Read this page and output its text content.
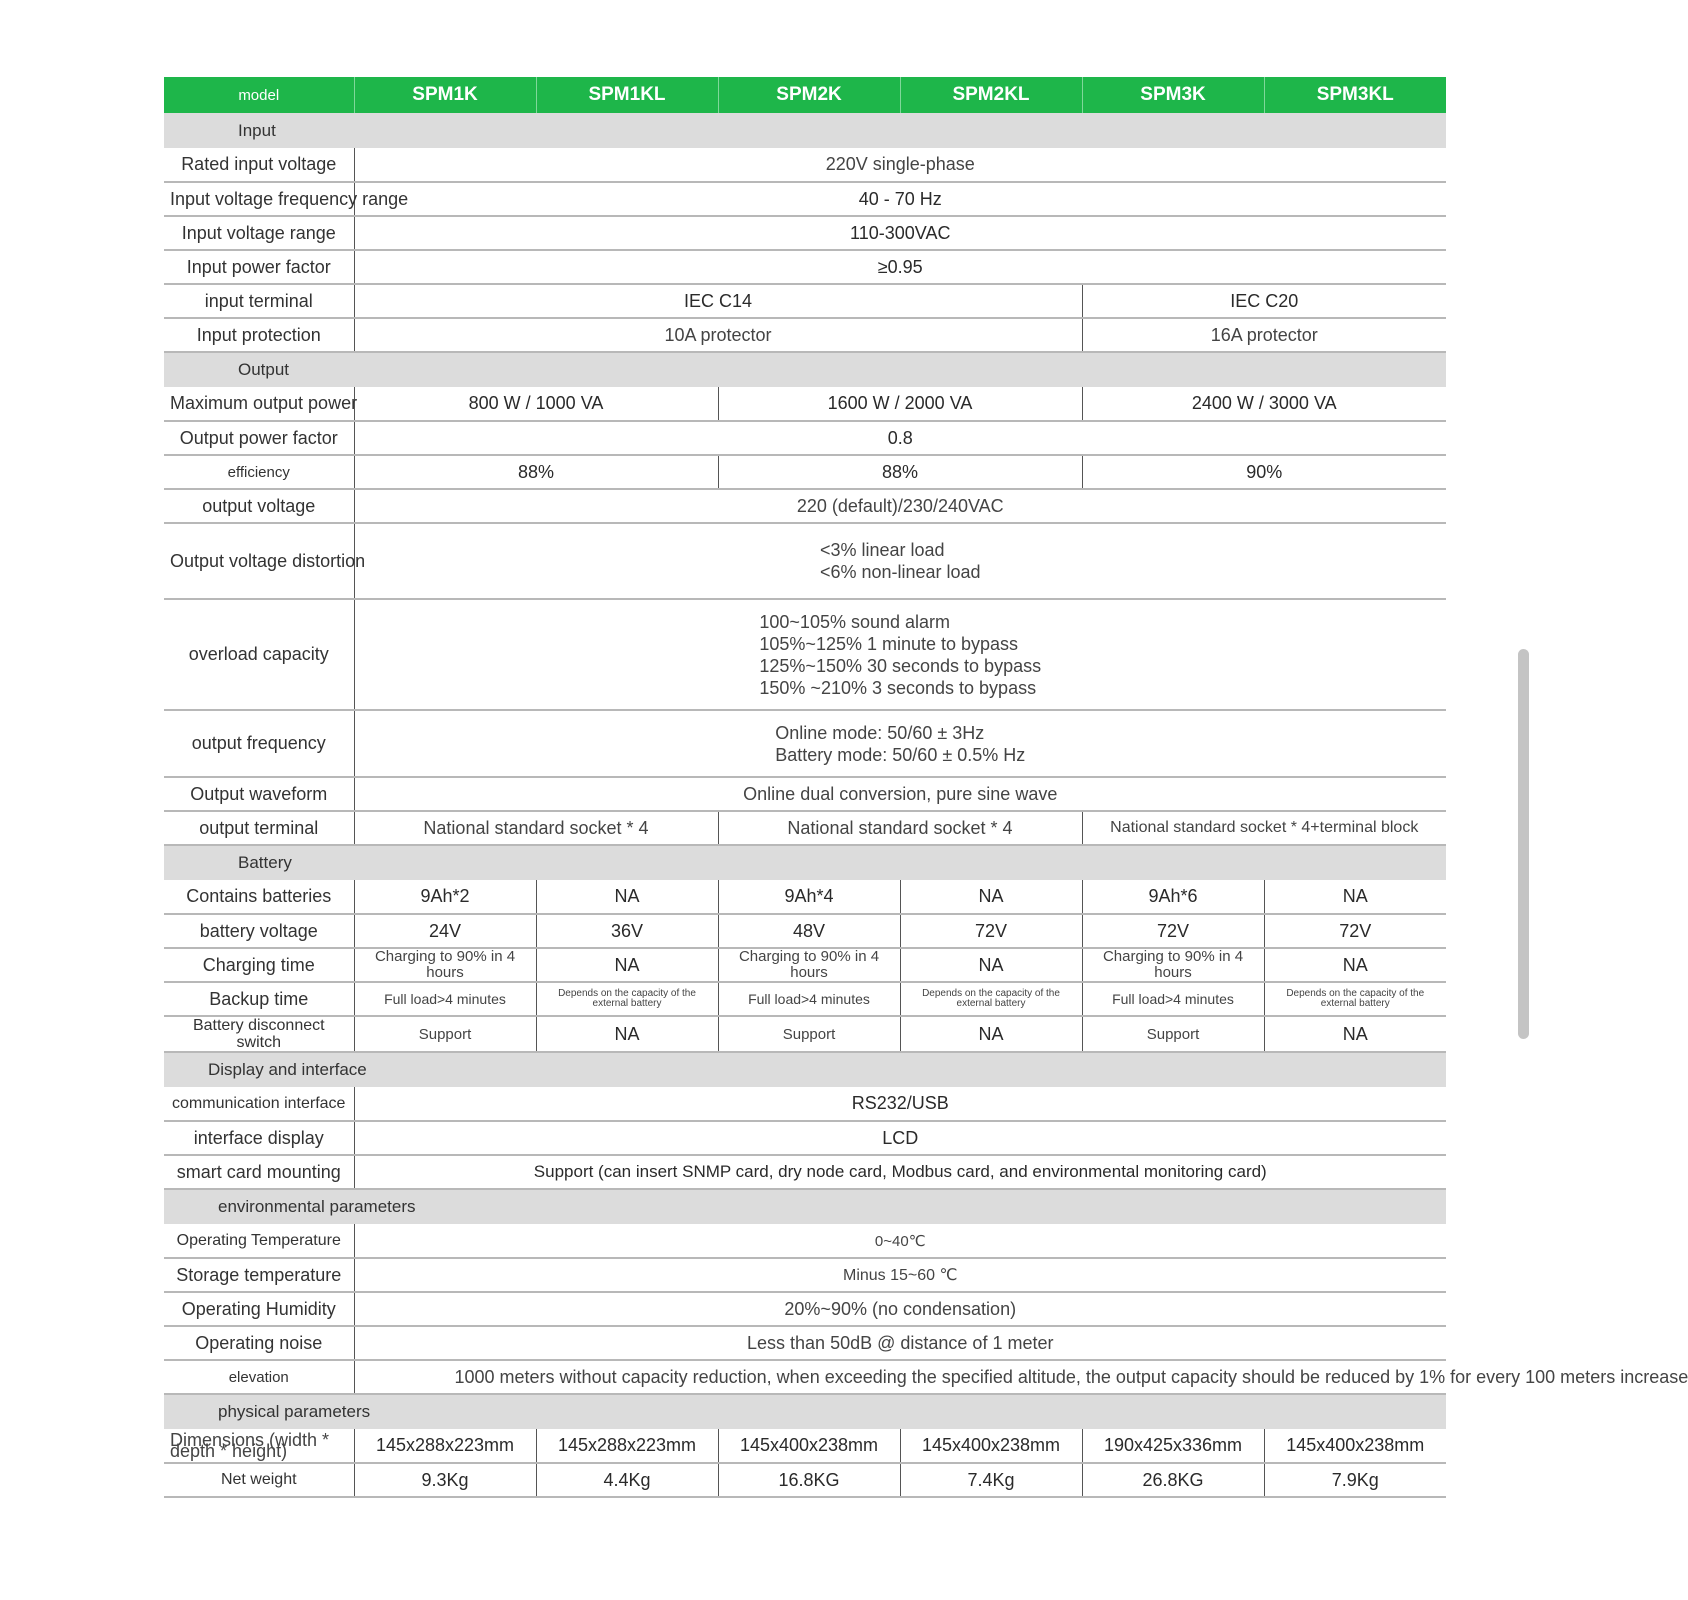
model	SPM1K	SPM1KL	SPM2K	SPM2KL	SPM3K	SPM3KL
Input						
Rated input voltage	220V single-phase					
Input voltage frequency range	40 - 70 Hz					
Input voltage range	110-300VAC					
Input power factor	≥0.95					
input terminal	IEC C14				IEC C20	
Input protection	10A protector				16A protector	
Output						
Maximum output power	800 W / 1000 VA		1600 W / 2000 VA		2400 W / 3000 VA	
Output power factor	0.8					
efficiency	88%		88%		90%	
output voltage	220 (default)/230/240VAC					
Output voltage distortion	<3% linear load
<6% non-linear load					
overload capacity	100~105% sound alarm
105%~125% 1 minute to bypass
125%~150% 30 seconds to bypass
150% ~210% 3 seconds to bypass					
output frequency	Online mode: 50/60 ± 3Hz
Battery mode: 50/60 ± 0.5% Hz					
Output waveform	Online dual conversion, pure sine wave					
output terminal	National standard socket * 4		National standard socket * 4		National standard socket * 4+terminal block	
Battery						
Contains batteries	9Ah*2	NA	9Ah*4	NA	9Ah*6	NA
battery voltage	24V	36V	48V	72V	72V	72V
Charging time	Charging to 90% in 4 hours	NA	Charging to 90% in 4 hours	NA	Charging to 90% in 4 hours	NA
Backup time	Full load>4 minutes	Depends on the capacity of the external battery	Full load>4 minutes	Depends on the capacity of the external battery	Full load>4 minutes	Depends on the capacity of the external battery
Battery disconnect switch	Support	NA	Support	NA	Support	NA
Display and interface						
communication interface	RS232/USB					
interface display	LCD					
smart card mounting	Support (can insert SNMP card, dry node card, Modbus card, and environmental monitoring card)					
environmental parameters						
Operating Temperature	0~40℃					
Storage temperature	Minus 15~60 ℃					
Operating Humidity	20%~90% (no condensation)					
Operating noise	Less than 50dB @ distance of 1 meter					
elevation	1000 meters without capacity reduction, when exceeding the specified altitude, the output capacity should be reduced by 1% for every 100 meters increase					
physical parameters						
Dimensions (width * depth * height)	145x288x223mm	145x288x223mm	145x400x238mm	145x400x238mm	190x425x336mm	145x400x238mm
Net weight	9.3Kg	4.4Kg	16.8KG	7.4Kg	26.8KG	7.9Kg
